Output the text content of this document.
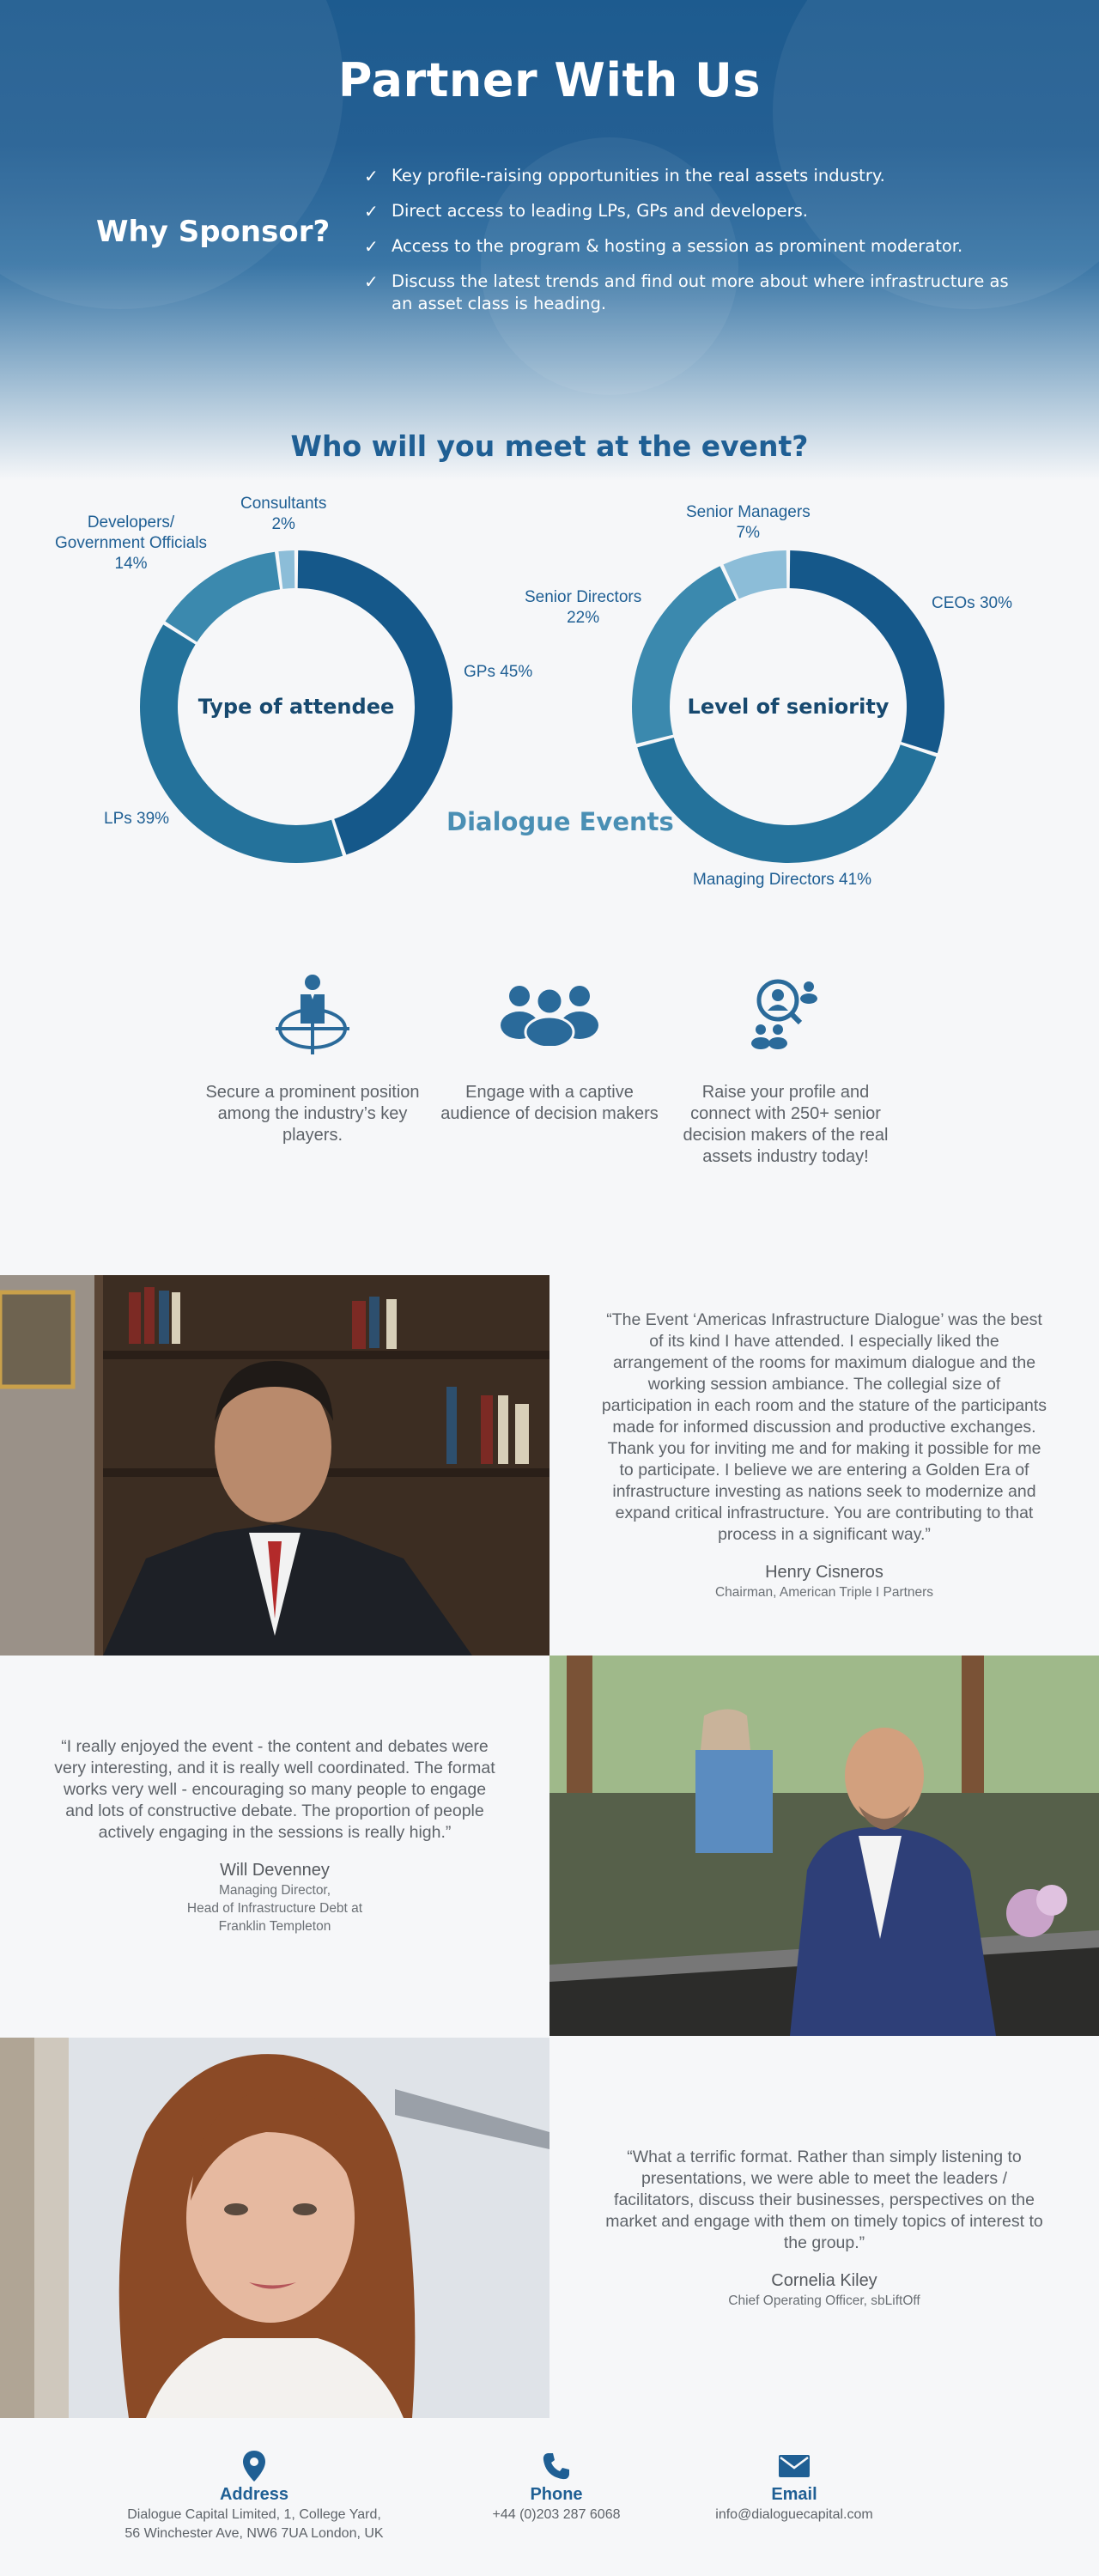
Partner With Us
Why Sponsor?
✓ Key profile-raising opportunities in the real assets industry.
✓ Direct access to leading LPs, GPs and developers.
✓ Access to the program & hosting a session as prominent moderator.
✓ Discuss the latest trends and find out more about where infrastructure as an asset class is heading.
Who will you meet at the event?
Type of attendee	Level of seniority
GPs 45%
LPs 39%
Developers/
Government Officials
14%
Consultants
2%
CEOs 30%
Managing Directors 41%
Senior Directors
22%
Senior Managers
7%
Dialogue Events
Secure a prominent position among the industry’s key players.
Engage with a captive audience of decision makers
Raise your profile and connect with 250+ senior decision makers of the real assets industry today!

“The Event ‘Americas Infrastructure Dialogue’ was the best of its kind I have attended. I especially liked the arrangement of the rooms for maximum dialogue and the working session ambiance. The collegial size of participation in each room and the stature of the participants made for informed discussion and productive exchanges. Thank you for inviting me and for making it possible for me to participate. I believe we are entering a Golden Era of infrastructure investing as nations seek to modernize and expand critical infrastructure. You are contributing to that process in a significant way.”

Henry Cisneros
Chairman, American Triple I Partners

“I really enjoyed the event - the content and debates were very interesting, and it is really well coordinated. The format works very well - encouraging so many people to engage and lots of constructive debate. The proportion of people actively engaging in the sessions is really high.”

Will Devenney
Managing Director,
Head of Infrastructure Debt at
Franklin Templeton

“What a terrific format. Rather than simply listening to presentations, we were able to meet the leaders / facilitators, discuss their businesses, perspectives on the market and engage with them on timely topics of interest to the group.”

Cornelia Kiley
Chief Operating Officer, sbLiftOff
Address
Dialogue Capital Limited, 1, College Yard,
56 Winchester Ave, NW6 7UA London, UK
Phone
+44 (0)203 287 6068
Email
info@dialoguecapital.com
